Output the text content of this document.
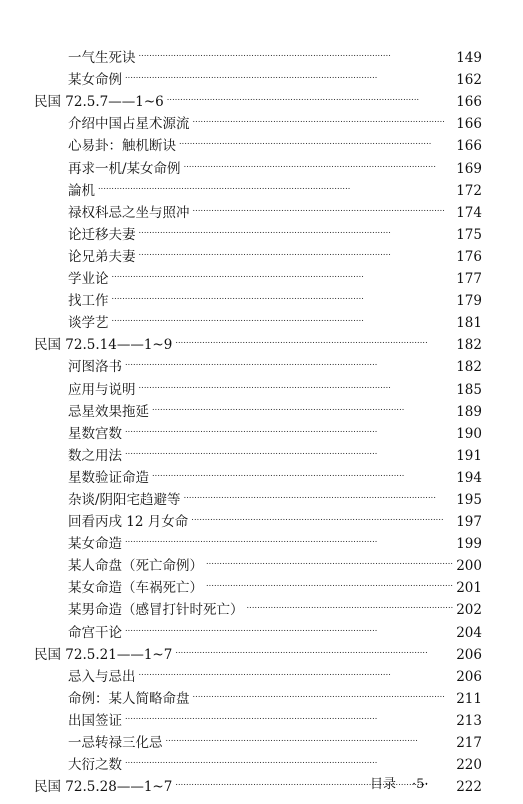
一气生死诀 . . .	149
某女命例 . . .	162
民国 72.5.7——1~6 . . .	166
介绍中国占星术源流 . . .	166
心易卦：触机断诀 . . .	166
再求一机/某女命例 . . .	169
論机 . . .	172
禄权科忌之坐与照冲 . . .	174
论迁移夫妻 . . .	175
论兄弟夫妻 . . .	176
学业论 . . .	177
找工作 . . .	179
谈学艺 . . .	181
民国 72.5.14——1~9 . . .	182
河图洛书 . . .	182
应用与说明 . . .	185
忌星效果拖延 . . .	189
星数宫数 . . .	190
数之用法 . . .	191
星数验证命造 . . .	194
杂谈/阴阳宅趋避等 . . .	195
回看丙戌 12 月女命 . . .	197
某女命造 . . .	199
某人命盘（死亡命例） . . .	200
某女命造（车祸死亡） . . .	201
某男命造（感冒打针时死亡） . . .	202
命宫干论 . . .	204
民国 72.5.21——1~7 . . .	206
忌入与忌出 . . .	206
命例：某人简略命盘 . . .	211
出国签证 . . .	213
一忌转禄三化忌 . . .	217
大衍之数 . . .	220
民国 72.5.28——1~7 . . .	222
目录 ·5·
